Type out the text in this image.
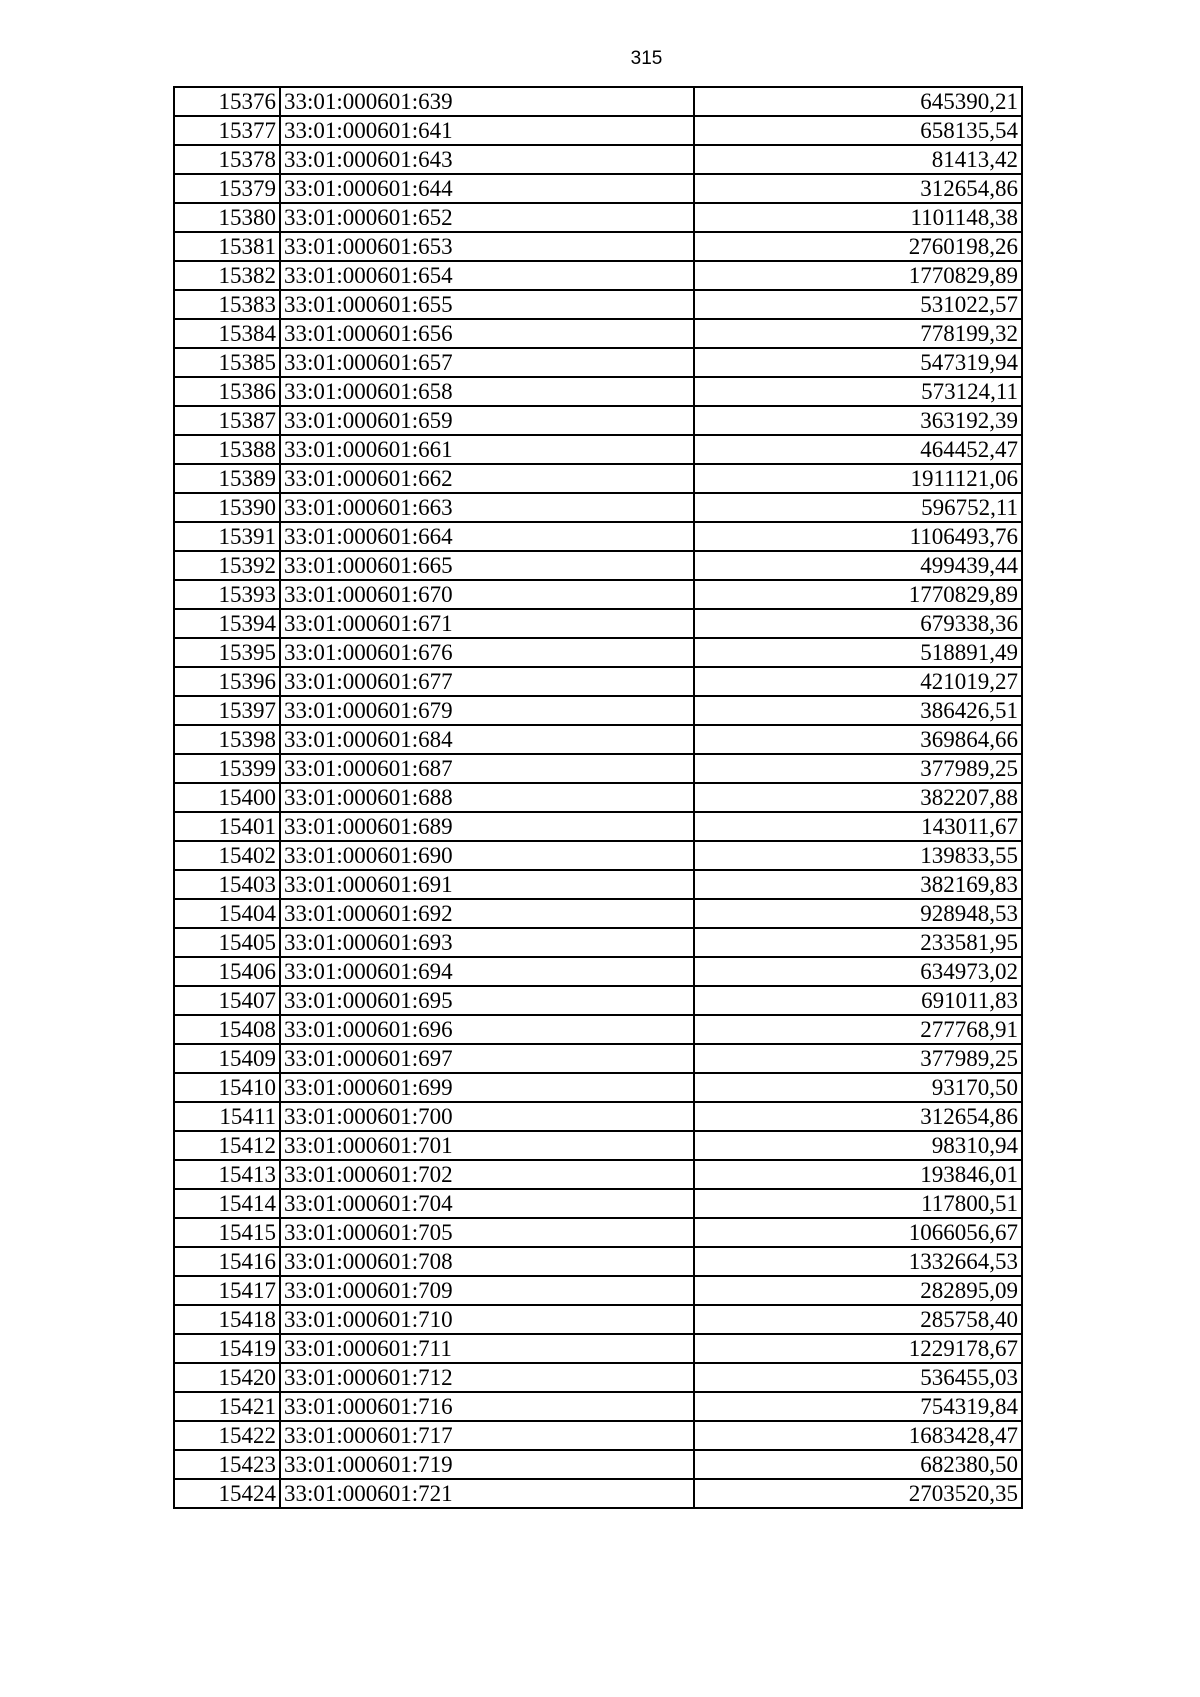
315
15376	33:01:000601:639	645390,21
15377	33:01:000601:641	658135,54
15378	33:01:000601:643	81413,42
15379	33:01:000601:644	312654,86
15380	33:01:000601:652	1101148,38
15381	33:01:000601:653	2760198,26
15382	33:01:000601:654	1770829,89
15383	33:01:000601:655	531022,57
15384	33:01:000601:656	778199,32
15385	33:01:000601:657	547319,94
15386	33:01:000601:658	573124,11
15387	33:01:000601:659	363192,39
15388	33:01:000601:661	464452,47
15389	33:01:000601:662	1911121,06
15390	33:01:000601:663	596752,11
15391	33:01:000601:664	1106493,76
15392	33:01:000601:665	499439,44
15393	33:01:000601:670	1770829,89
15394	33:01:000601:671	679338,36
15395	33:01:000601:676	518891,49
15396	33:01:000601:677	421019,27
15397	33:01:000601:679	386426,51
15398	33:01:000601:684	369864,66
15399	33:01:000601:687	377989,25
15400	33:01:000601:688	382207,88
15401	33:01:000601:689	143011,67
15402	33:01:000601:690	139833,55
15403	33:01:000601:691	382169,83
15404	33:01:000601:692	928948,53
15405	33:01:000601:693	233581,95
15406	33:01:000601:694	634973,02
15407	33:01:000601:695	691011,83
15408	33:01:000601:696	277768,91
15409	33:01:000601:697	377989,25
15410	33:01:000601:699	93170,50
15411	33:01:000601:700	312654,86
15412	33:01:000601:701	98310,94
15413	33:01:000601:702	193846,01
15414	33:01:000601:704	117800,51
15415	33:01:000601:705	1066056,67
15416	33:01:000601:708	1332664,53
15417	33:01:000601:709	282895,09
15418	33:01:000601:710	285758,40
15419	33:01:000601:711	1229178,67
15420	33:01:000601:712	536455,03
15421	33:01:000601:716	754319,84
15422	33:01:000601:717	1683428,47
15423	33:01:000601:719	682380,50
15424	33:01:000601:721	2703520,35
